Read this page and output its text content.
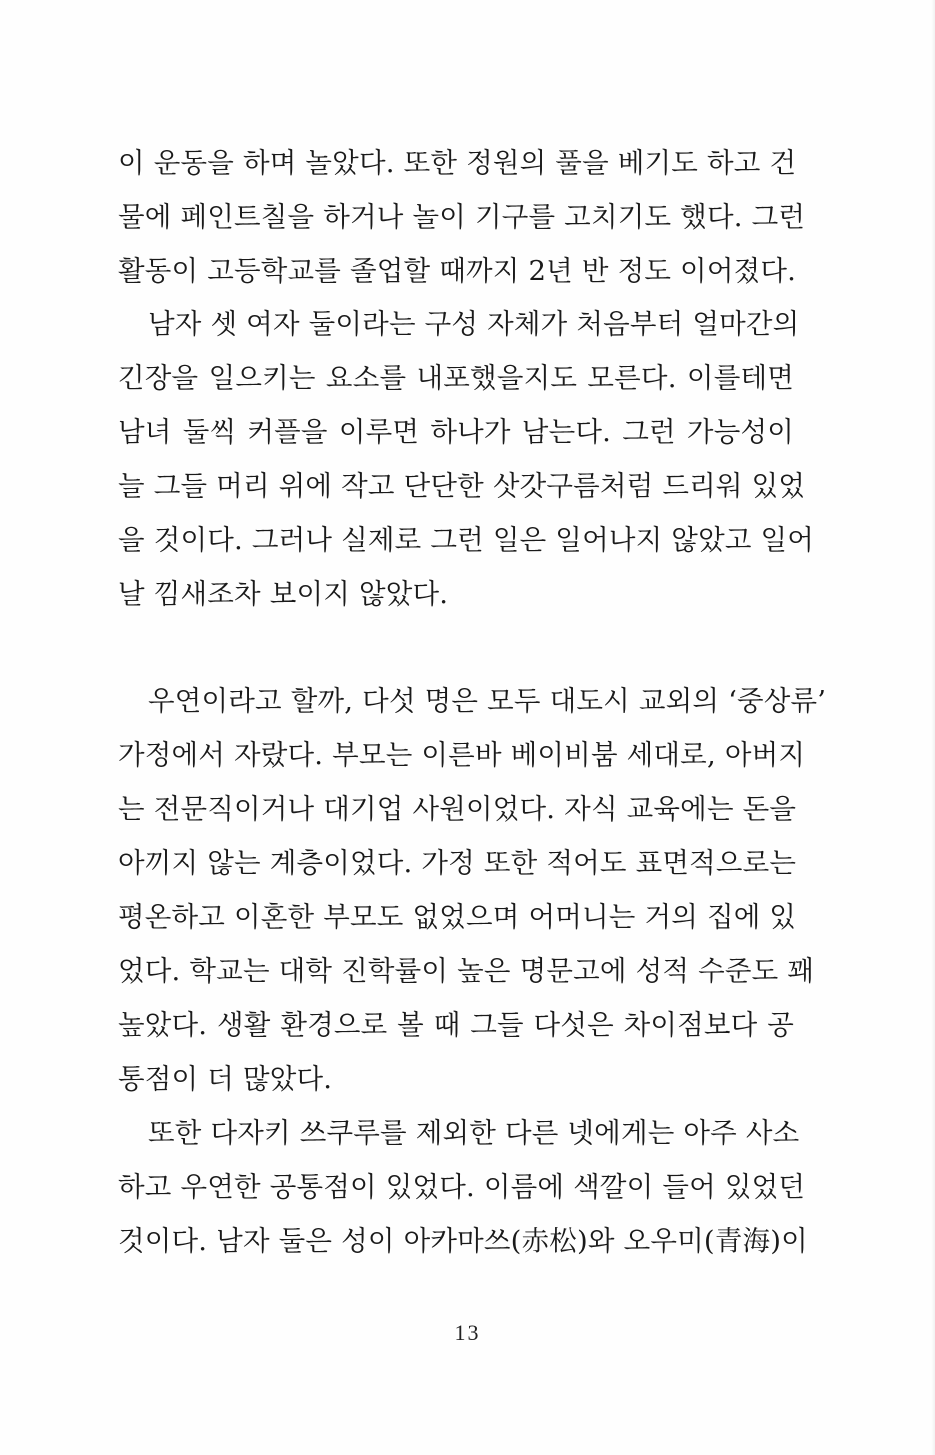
이 운동을 하며 놀았다. 또한 정원의 풀을 베기도 하고 건
물에 페인트칠을 하거나 놀이 기구를 고치기도 했다. 그런
활동이 고등학교를 졸업할 때까지 2년 반 정도 이어졌다.
남자 셋 여자 둘이라는 구성 자체가 처음부터 얼마간의
긴장을 일으키는 요소를 내포했을지도 모른다. 이를테면
남녀 둘씩 커플을 이루면 하나가 남는다. 그런 가능성이
늘 그들 머리 위에 작고 단단한 삿갓구름처럼 드리워 있었
을 것이다. 그러나 실제로 그런 일은 일어나지 않았고 일어
날 낌새조차 보이지 않았다.
우연이라고 할까, 다섯 명은 모두 대도시 교외의 ‘중상류’
가정에서 자랐다. 부모는 이른바 베이비붐 세대로, 아버지
는 전문직이거나 대기업 사원이었다. 자식 교육에는 돈을
아끼지 않는 계층이었다. 가정 또한 적어도 표면적으로는
평온하고 이혼한 부모도 없었으며 어머니는 거의 집에 있
었다. 학교는 대학 진학률이 높은 명문고에 성적 수준도 꽤
높았다. 생활 환경으로 볼 때 그들 다섯은 차이점보다 공
통점이 더 많았다.
또한 다자키 쓰쿠루를 제외한 다른 넷에게는 아주 사소
하고 우연한 공통점이 있었다. 이름에 색깔이 들어 있었던
것이다. 남자 둘은 성이 아카마쓰(赤松)와 오우미(青海)이
13
